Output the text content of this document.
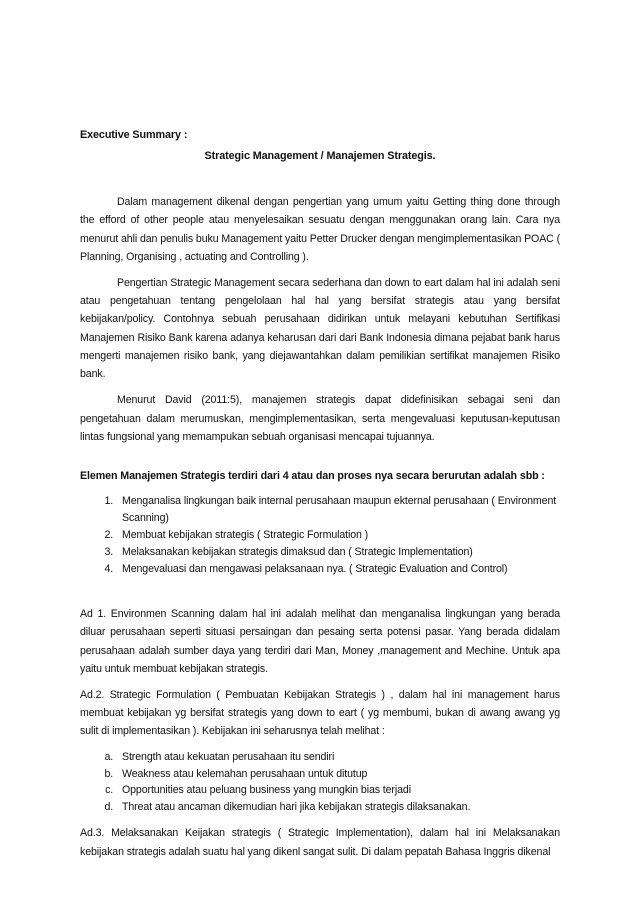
Executive Summary :

Strategic Management / Manajemen Strategis.

Dalam management dikenal dengan pengertian yang umum yaitu Getting thing done through the efford of other people atau menyelesaikan sesuatu dengan menggunakan orang lain. Cara nya menurut ahli dan penulis buku Management yaitu Petter Drucker dengan mengimplementasikan POAC ( Planning, Organising , actuating and Controlling ).

Pengertian Strategic Management secara sederhana dan down to eart dalam hal ini adalah seni atau pengetahuan tentang pengelolaan hal hal yang bersifat strategis atau yang bersifat kebijakan/policy. Contohnya sebuah perusahaan didirikan untuk melayani kebutuhan Sertifikasi Manajemen Risiko Bank karena adanya keharusan dari dari Bank Indonesia dimana pejabat bank harus mengerti manajemen risiko bank, yang diejawantahkan dalam pemilikian sertifikat manajemen Risiko bank.

Menurut David (2011:5), manajemen strategis dapat didefinisikan sebagai seni dan pengetahuan dalam merumuskan, mengimplementasikan, serta mengevaluasi keputusan-keputusan lintas fungsional yang memampukan sebuah organisasi mencapai tujuannya.

Elemen Manajemen Strategis terdiri dari 4 atau dan proses nya secara berurutan adalah sbb :

1. Menganalisa lingkungan baik internal perusahaan maupun ekternal perusahaan ( Environment Scanning)
2. Membuat kebijakan strategis ( Strategic Formulation )
3. Melaksanakan kebijakan strategis dimaksud dan ( Strategic Implementation)
4. Mengevaluasi dan mengawasi pelaksanaan nya. ( Strategic Evaluation and Control)

Ad 1. Environmen Scanning dalam hal ini adalah melihat dan menganalisa lingkungan yang berada diluar perusahaan seperti situasi persaingan dan pesaing serta potensi pasar. Yang berada didalam perusahaan adalah sumber daya yang terdiri dari Man, Money ,management and Mechine. Untuk apa yaitu untuk membuat kebijakan strategis.

Ad.2. Strategic Formulation ( Pembuatan Kebijakan Strategis ) , dalam hal ini management harus membuat kebijakan yg bersifat strategis yang down to eart ( yg membumi, bukan di awang awang yg sulit di implementasikan ). Kebijakan ini seharusnya telah melihat :

a. Strength atau kekuatan perusahaan itu sendiri
b. Weakness atau kelemahan perusahaan untuk ditutup
c. Opportunities atau peluang business yang mungkin bias terjadi
d. Threat atau ancaman dikemudian hari jika kebijakan strategis dilaksanakan.

Ad.3. Melaksanakan Keijakan strategis ( Strategic Implementation), dalam hal ini Melaksanakan kebijakan strategis adalah suatu hal yang dikenl sangat sulit. Di dalam pepatah Bahasa Inggris dikenal
